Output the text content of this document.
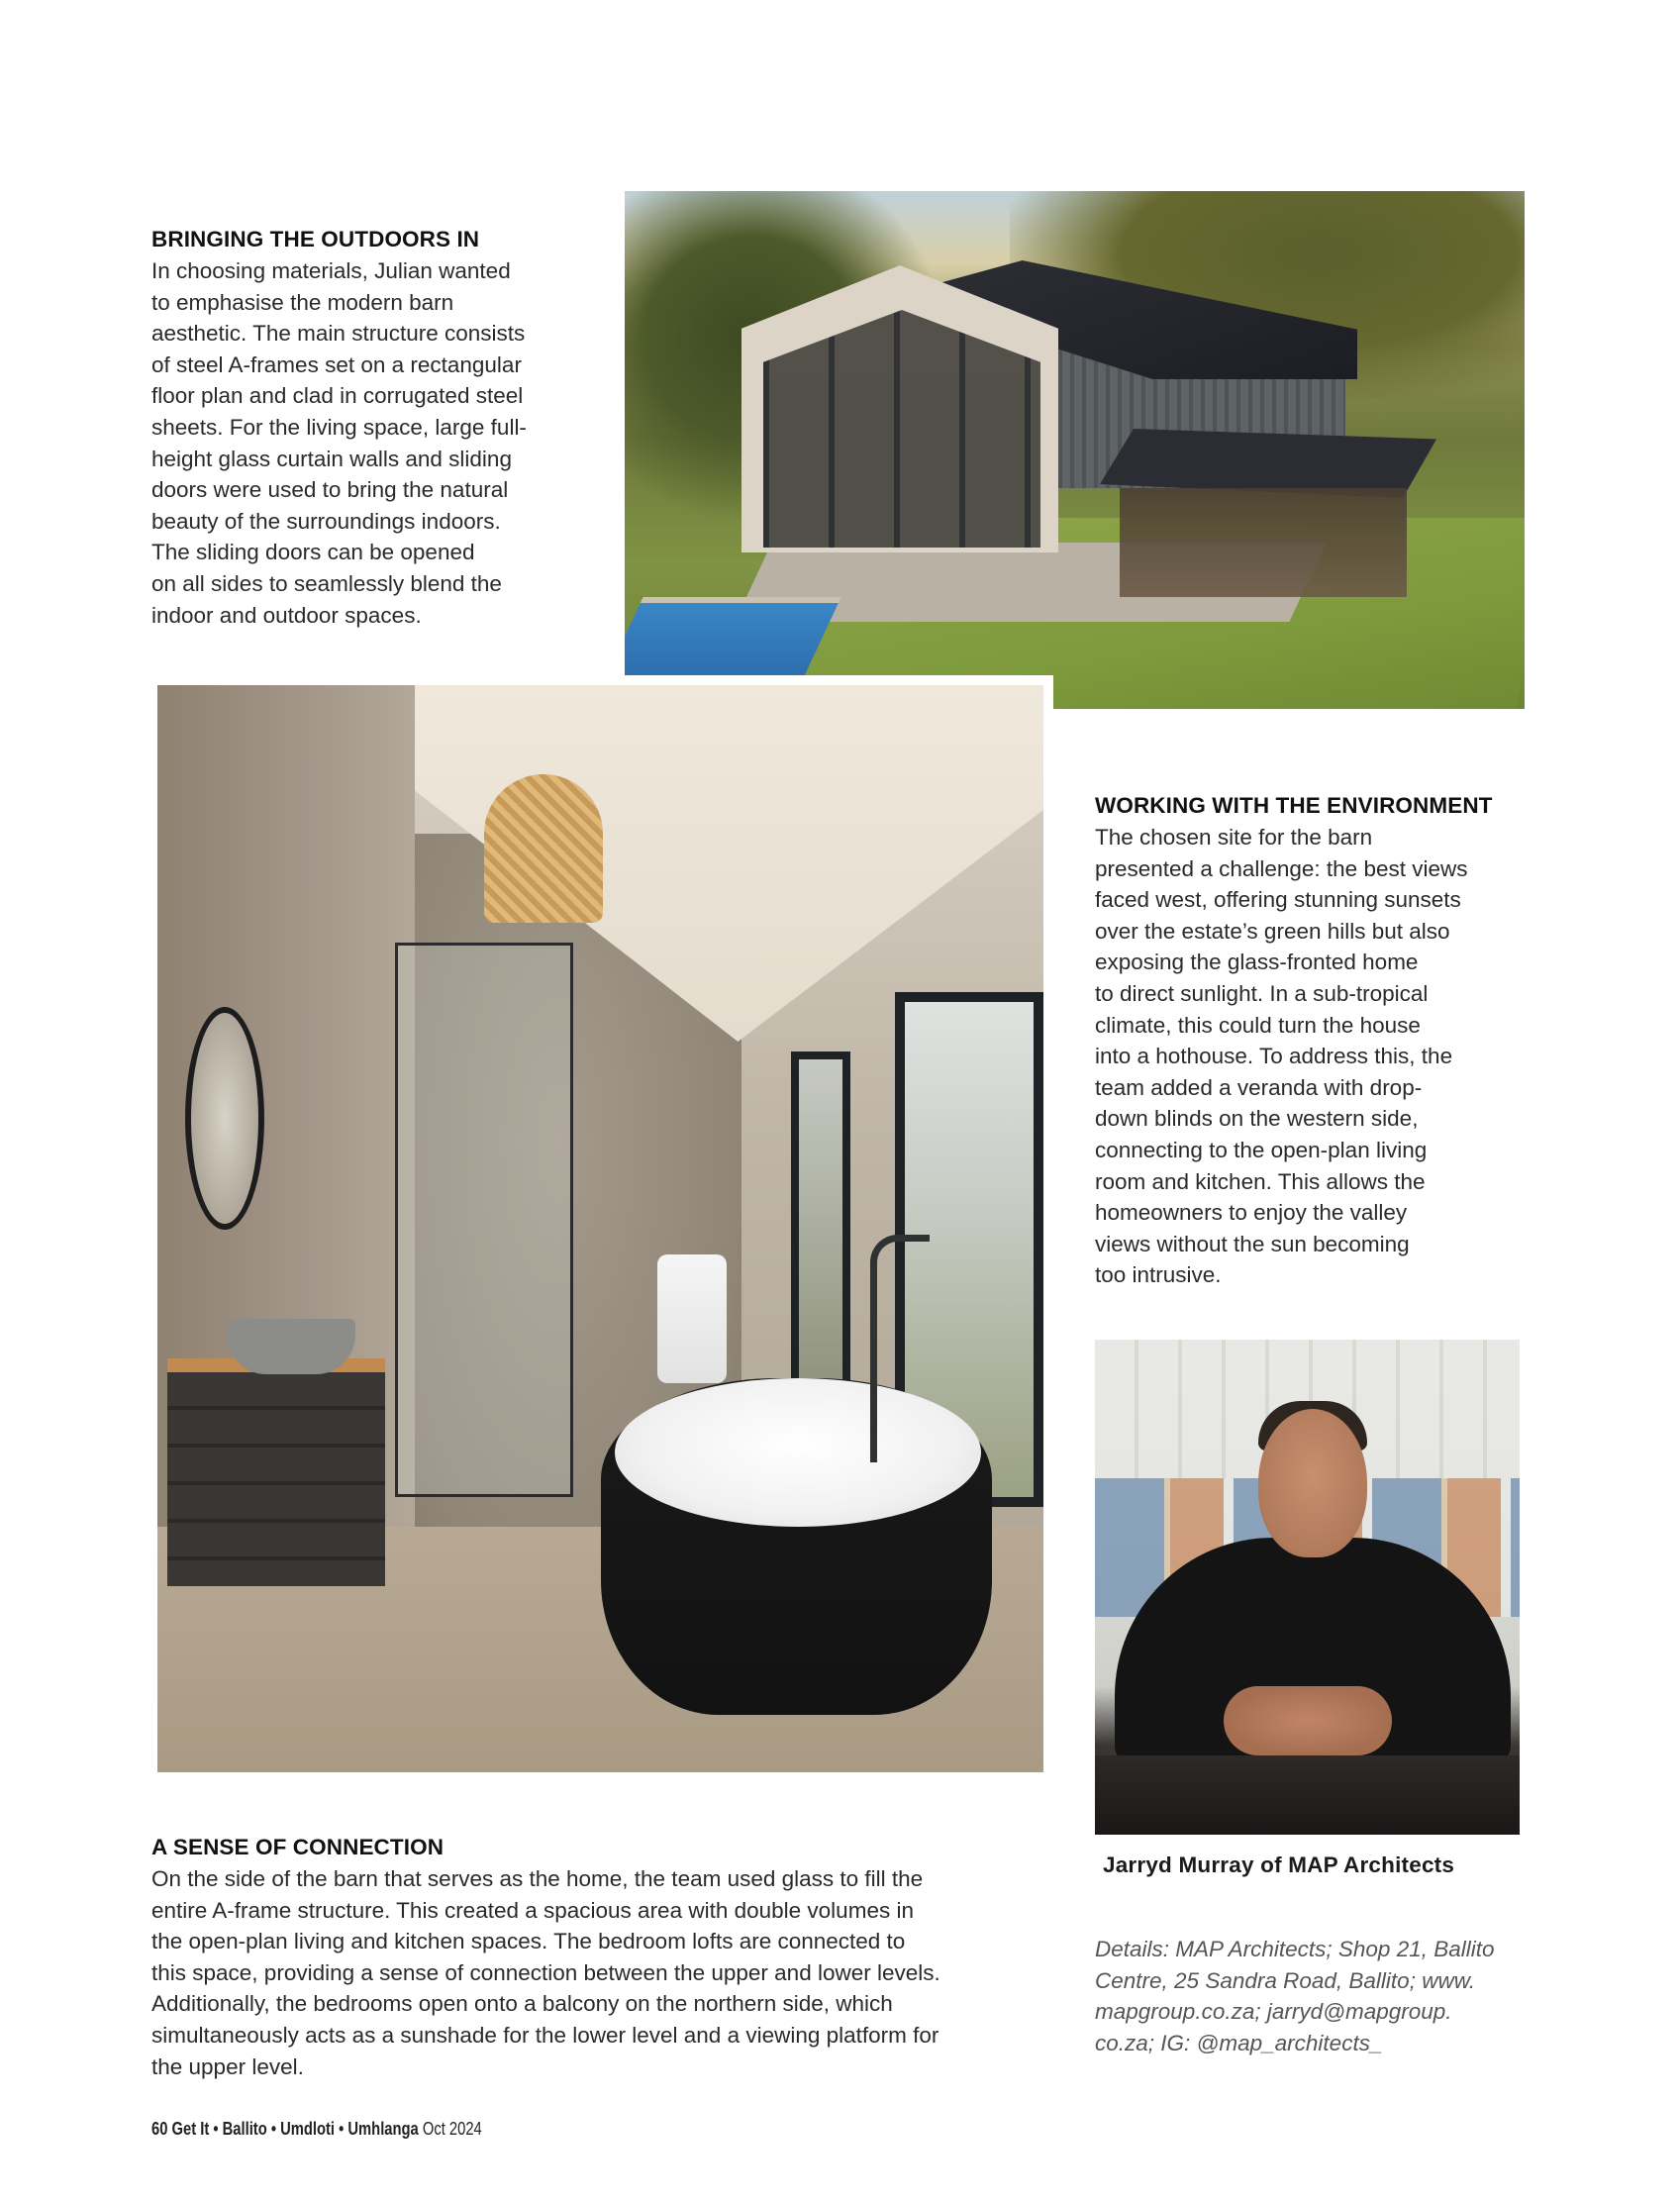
BRINGING THE OUTDOORS IN

In choosing materials, Julian wanted

to emphasise the modern barn

aesthetic. The main structure consists

of steel A-frames set on a rectangular

floor plan and clad in corrugated steel

sheets. For the living space, large full-

height glass curtain walls and sliding

doors were used to bring the natural

beauty of the surroundings indoors.

The sliding doors can be opened

on all sides to seamlessly blend the

indoor and outdoor spaces.

WORKING WITH THE ENVIRONMENT

The chosen site for the barn

presented a challenge: the best views

faced west, offering stunning sunsets

over the estate’s green hills but also

exposing the glass-fronted home

to direct sunlight. In a sub-tropical

climate, this could turn the house

into a hothouse. To address this, the

team added a veranda with drop-

down blinds on the western side,

connecting to the open-plan living

room and kitchen. This allows the

homeowners to enjoy the valley

views without the sun becoming

too intrusive.

Jarryd Murray of MAP Architects

Details: MAP Architects; Shop 21, Ballito

Centre, 25 Sandra Road, Ballito; www.

mapgroup.co.za; jarryd@mapgroup.

co.za; IG: @map_architects_

A SENSE OF CONNECTION

On the side of the barn that serves as the home, the team used glass to fill the

entire A-frame structure. This created a spacious area with double volumes in

the open-plan living and kitchen spaces. The bedroom lofts are connected to

this space, providing a sense of connection between the upper and lower levels.

Additionally, the bedrooms open onto a balcony on the northern side, which

simultaneously acts as a sunshade for the lower level and a viewing platform for

the upper level.

60 Get It • Ballito • Umdloti • Umhlanga Oct 2024
